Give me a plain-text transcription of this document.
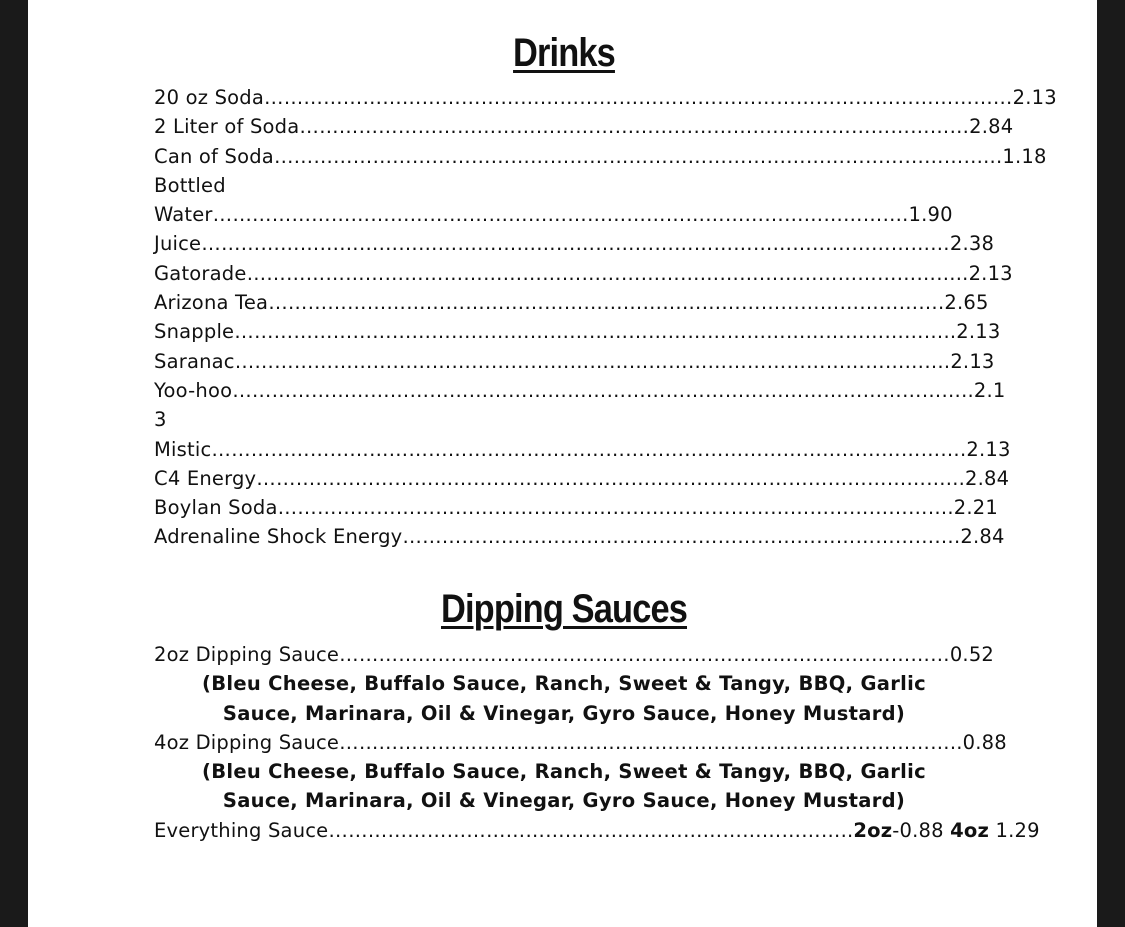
Drinks
20 oz Soda……………………………………………………………………………………………………2.13
2 Liter of Soda…………………………………………………………………………………………2.84
Can of Soda………………………………………………………………………………………………...1.18
Bottled
Water…………………………………………………………………………………………….1.90
Juice……………………………………………………………………………………………………2.38
Gatorade………………………………………………………………………………………………..2.13
Arizona Tea………………………………………………………………………………………….2.65
Snapple………………………………………………………………………………………………..2.13
Saranac……………………………………………………………………………………………….2.13
Yoo-hoo…………………………………………………………………………………………………..2.1
3
Mistic…………………………………………………………………………………………………….2.13
C4 Energy……………………………………………………………………………………………...2.84
Boylan Soda………………………………………………………………………………………….2.21
Adrenaline Shock Energy………………………………………………………………………….2.84
Dipping Sauces
2oz Dipping Sauce…………………………………………………………………………………0.52
(Bleu Cheese, Buffalo Sauce, Ranch, Sweet & Tangy, BBQ, Garlic
Sauce, Marinara, Oil & Vinegar, Gyro Sauce, Honey Mustard)
4oz Dipping Sauce…………………………………………………………………………………..0.88
(Bleu Cheese, Buffalo Sauce, Ranch, Sweet & Tangy, BBQ, Garlic
Sauce, Marinara, Oil & Vinegar, Gyro Sauce, Honey Mustard)
Everything Sauce……………………………………………………………………..2oz-0.88 4oz 1.29
